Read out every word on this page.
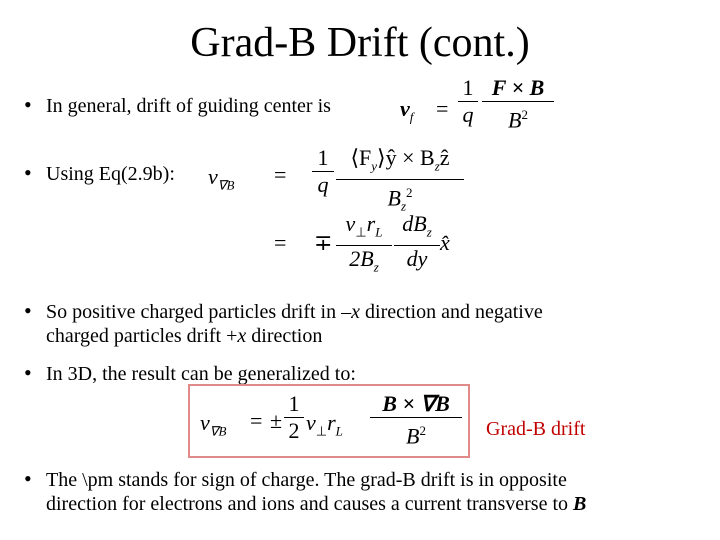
Grad-B Drift (cont.)
• In general, drift of guiding center is	$v_f$ =
1
q
F × B
$B^2$
• Using Eq(2.9b): $v_{\nabla B}$ =
1
q
$⟨F_y⟩ŷ$ × $B_zẑ$
$B_z^2$
= ∓
$v_\perp r_L$
$2B_z$
$dB_z$
dy
x̂
• So positive charged particles drift in –x direction and negative
charged particles drift +x direction
• In 3D, the result can be generalized to:
$v_{\nabla B}$ = ±
1
2 $v_\perp r_L$
B × ∇B
$B^2$	Grad-B drift
• The \pm stands for sign of charge. The grad-B drift is in opposite
direction for electrons and ions and causes a current transverse to B
